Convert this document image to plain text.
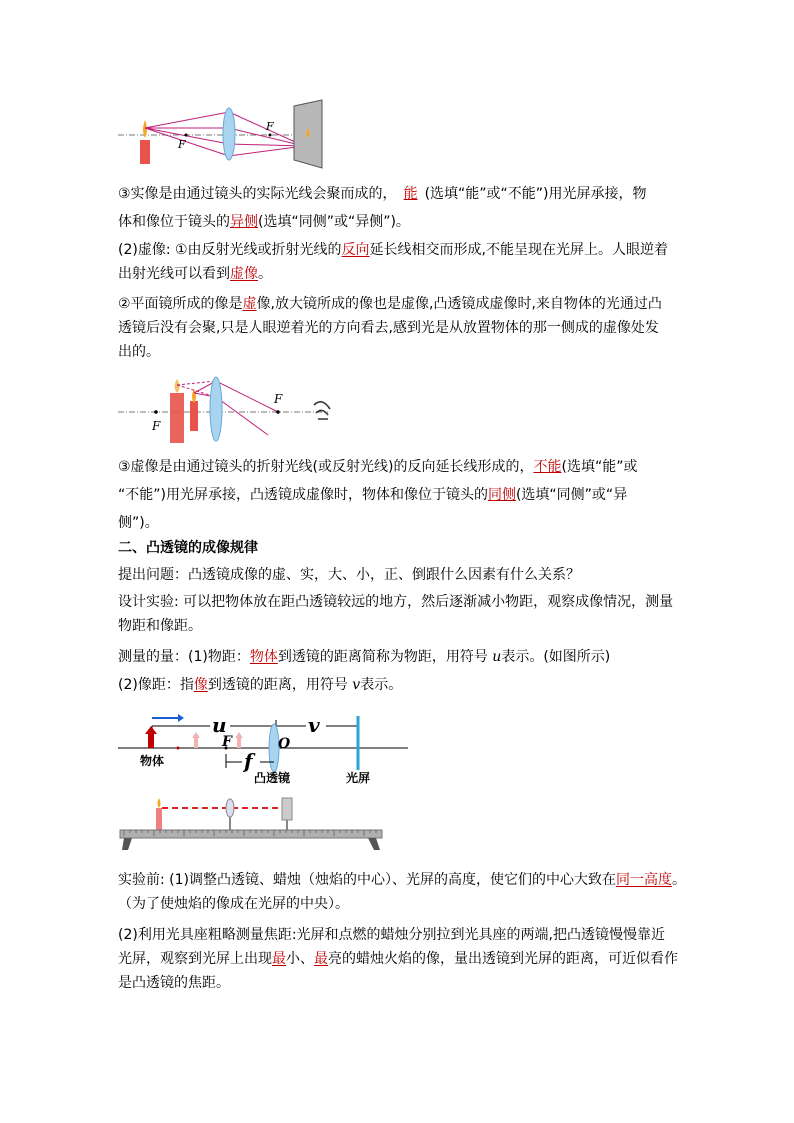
F
F
③实像是由通过镜头的实际光线会聚而成的， 能 (选填“能”或“不能”)用光屏承接，物
体和像位于镜头的异侧(选填“同侧”或“异侧”)。
(2)虚像: ①由反射光线或折射光线的反向延长线相交而形成,不能呈现在光屏上。人眼逆着
出射光线可以看到虚像。
②平面镜所成的像是虚像,放大镜所成的像也是虚像,凸透镜成虚像时,来自物体的光通过凸
透镜后没有会聚,只是人眼逆着光的方向看去,感到光是从放置物体的那一侧成的虚像处发
出的。
F
F
③虚像是由通过镜头的折射光线(或反射光线)的反向延长线形成的，不能(选填“能”或
“不能”)用光屏承接，凸透镜成虚像时，物体和像位于镜头的同侧(选填“同侧”或“异
侧”)。
二、凸透镜的成像规律
提出问题：凸透镜成像的虚、实，大、小，正、倒跟什么因素有什么关系？
设计实验: 可以把物体放在距凸透镜较远的地方，然后逐渐减小物距，观察成像情况，测量
物距和像距。
测量的量：(1)物距：物体到透镜的距离简称为物距，用符号 u表示。(如图所示)
(2)像距：指像到透镜的距离，用符号 v表示。
u	v
F	O
f
物体
凸透镜	光屏
实验前: (1)调整凸透镜、蜡烛（烛焰的中心）、光屏的高度，使它们的中心大致在同一高度。
（为了使烛焰的像成在光屏的中央）。
(2)利用光具座粗略测量焦距:光屏和点燃的蜡烛分别拉到光具座的两端,把凸透镜慢慢靠近
光屏，观察到光屏上出现最小、最亮的蜡烛火焰的像，量出透镜到光屏的距离，可近似看作
是凸透镜的焦距。
